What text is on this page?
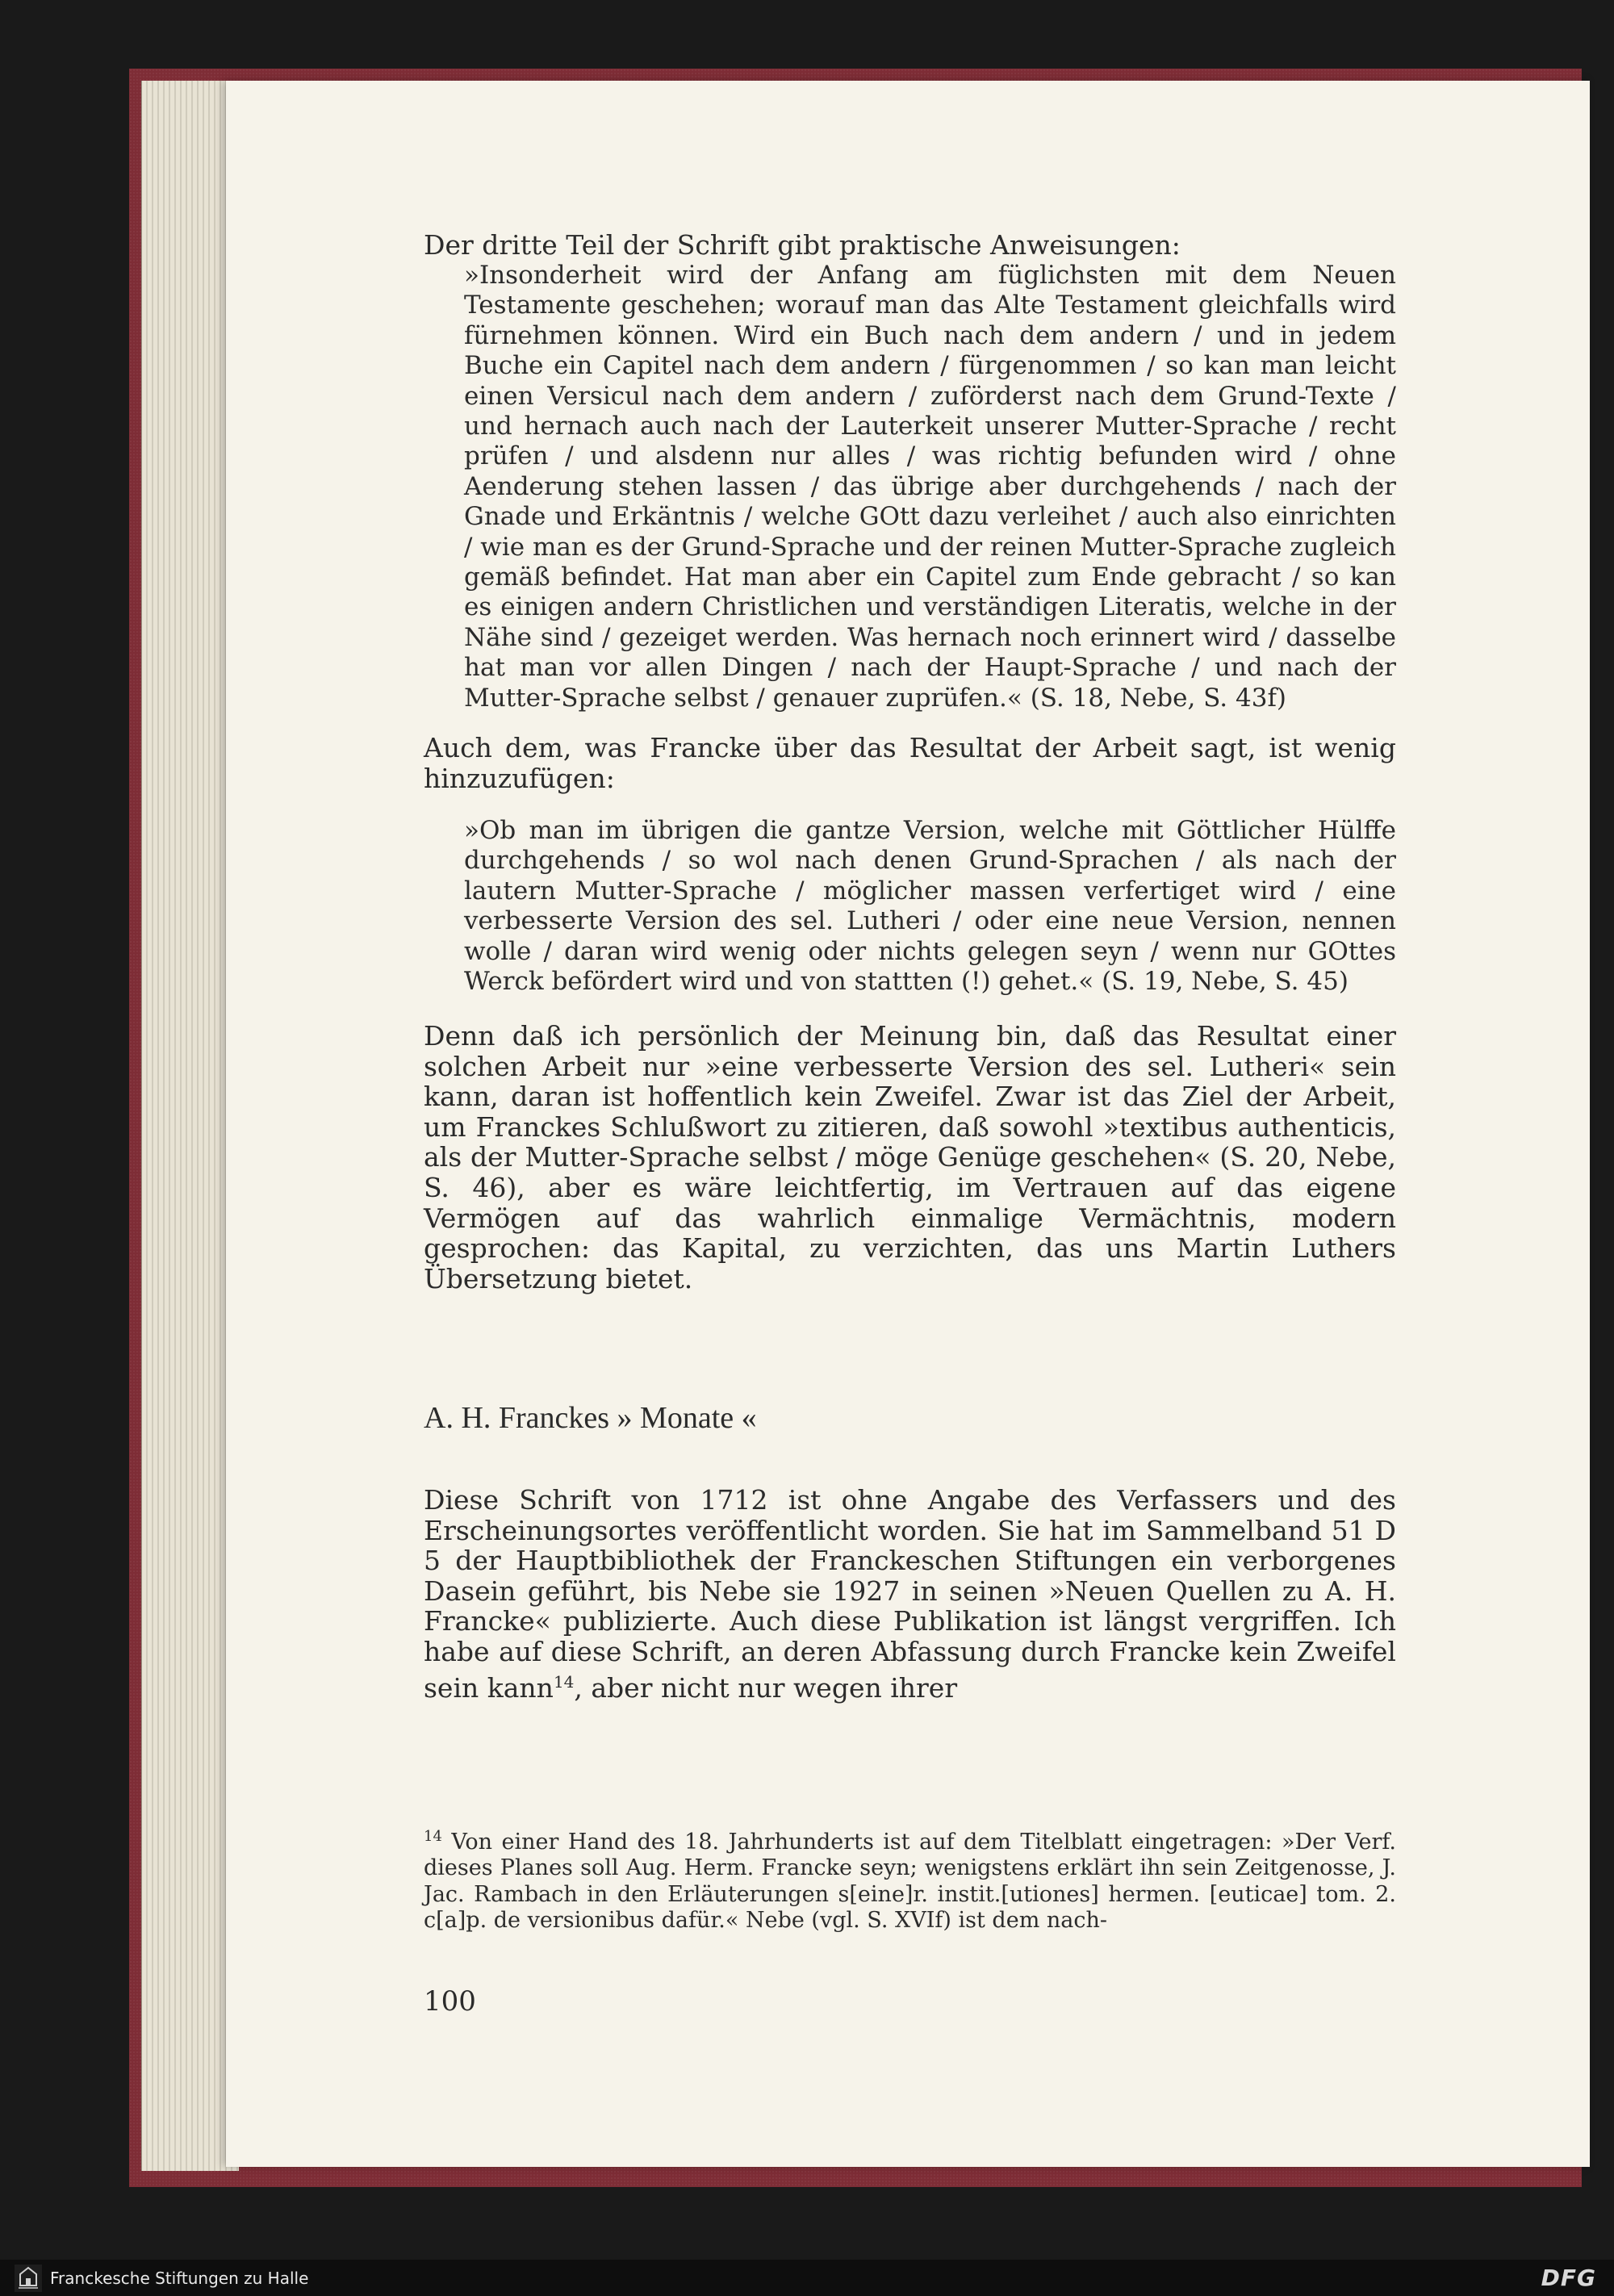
Der dritte Teil der Schrift gibt praktische Anweisungen:

»Insonderheit wird der Anfang am füglichsten mit dem Neuen Testamente geschehen; worauf man das Alte Testament gleichfalls wird fürnehmen können. Wird ein Buch nach dem andern / und in jedem Buche ein Capitel nach dem andern / fürgenommen / so kan man leicht einen Versicul nach dem andern / zuförderst nach dem Grund-Texte / und hernach auch nach der Lauterkeit unserer Mutter-Sprache / recht prüfen / und alsdenn nur alles / was richtig befunden wird / ohne Aenderung stehen lassen / das übrige aber durchgehends / nach der Gnade und Erkäntnis / welche GOtt dazu verleihet / auch also einrichten / wie man es der Grund-Sprache und der reinen Mutter-Sprache zugleich gemäß befindet. Hat man aber ein Capitel zum Ende gebracht / so kan es einigen andern Christlichen und verständigen Literatis, welche in der Nähe sind / gezeiget werden. Was hernach noch erinnert wird / dasselbe hat man vor allen Dingen / nach der Haupt-Sprache / und nach der Mutter-Sprache selbst / genauer zuprüfen.« (S. 18, Nebe, S. 43f)

Auch dem, was Francke über das Resultat der Arbeit sagt, ist wenig hinzuzufügen:

»Ob man im übrigen die gantze Version, welche mit Göttlicher Hülffe durchgehends / so wol nach denen Grund-Sprachen / als nach der lautern Mutter-Sprache / möglicher massen verfertiget wird / eine verbesserte Version des sel. Lutheri / oder eine neue Version, nennen wolle / daran wird wenig oder nichts gelegen seyn / wenn nur GOttes Werck befördert wird und von stattten (!) gehet.« (S. 19, Nebe, S. 45)

Denn daß ich persönlich der Meinung bin, daß das Resultat einer solchen Arbeit nur »eine verbesserte Version des sel. Lutheri« sein kann, daran ist hoffentlich kein Zweifel. Zwar ist das Ziel der Arbeit, um Franckes Schlußwort zu zitieren, daß sowohl »textibus authenticis, als der Mutter-Sprache selbst / möge Genüge geschehen« (S. 20, Nebe, S. 46), aber es wäre leichtfertig, im Vertrauen auf das eigene Vermögen auf das wahrlich einmalige Vermächtnis, modern gesprochen: das Kapital, zu verzichten, das uns Martin Luthers Übersetzung bietet.

A. H. Franckes » Monate «

Diese Schrift von 1712 ist ohne Angabe des Verfassers und des Erscheinungsortes veröffentlicht worden. Sie hat im Sammelband 51 D 5 der Hauptbibliothek der Franckeschen Stiftungen ein verborgenes Dasein geführt, bis Nebe sie 1927 in seinen »Neuen Quellen zu A. H. Francke« publizierte. Auch diese Publikation ist längst vergriffen. Ich habe auf diese Schrift, an deren Abfassung durch Francke kein Zweifel sein kann$^{14}$, aber nicht nur wegen ihrer

$^{14}$ Von einer Hand des 18. Jahrhunderts ist auf dem Titelblatt eingetragen: »Der Verf. dieses Planes soll Aug. Herm. Francke seyn; wenigstens erklärt ihn sein Zeitgenosse, J. Jac. Rambach in den Erläuterungen s[eine]r. instit.[utiones] hermen. [euticae] tom. 2. c[a]p. de versionibus dafür.« Nebe (vgl. S. XVIf) ist dem nach-

100
Franckesche Stiftungen zu Halle	DFG
